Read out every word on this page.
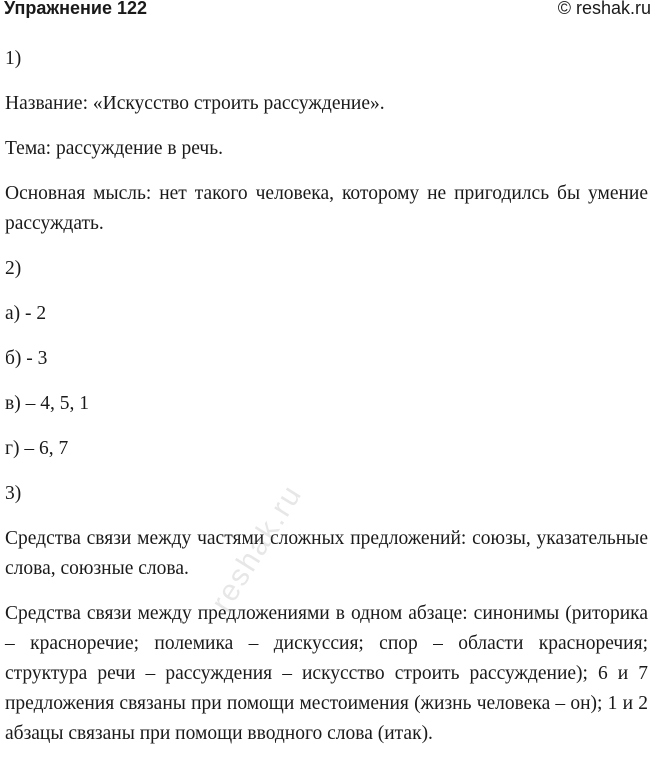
Упражнение 122	© reshak.ru

1)

Название: «Искусство строить рассуждение».

Тема: рассуждение в речь.

Основная мысль: нет такого человека, которому не пригодилсь бы умение рассуждать.

2)

а) - 2

б) - 3

в) – 4, 5, 1

г) – 6, 7

3)

Средства связи между частями сложных предложений: союзы, указательные слова, союзные слова.

Средства связи между предложениями в одном абзаце: синонимы (риторика – красноречие; полемика – дискуссия; спор – области красноречия; структура речи – рассуждения – искусство строить рассуждение); 6 и 7 предложения связаны при помощи местоимения (жизнь человека – он); 1 и 2 абзацы связаны при помощи вводного слова (итак).

reshak.ru
